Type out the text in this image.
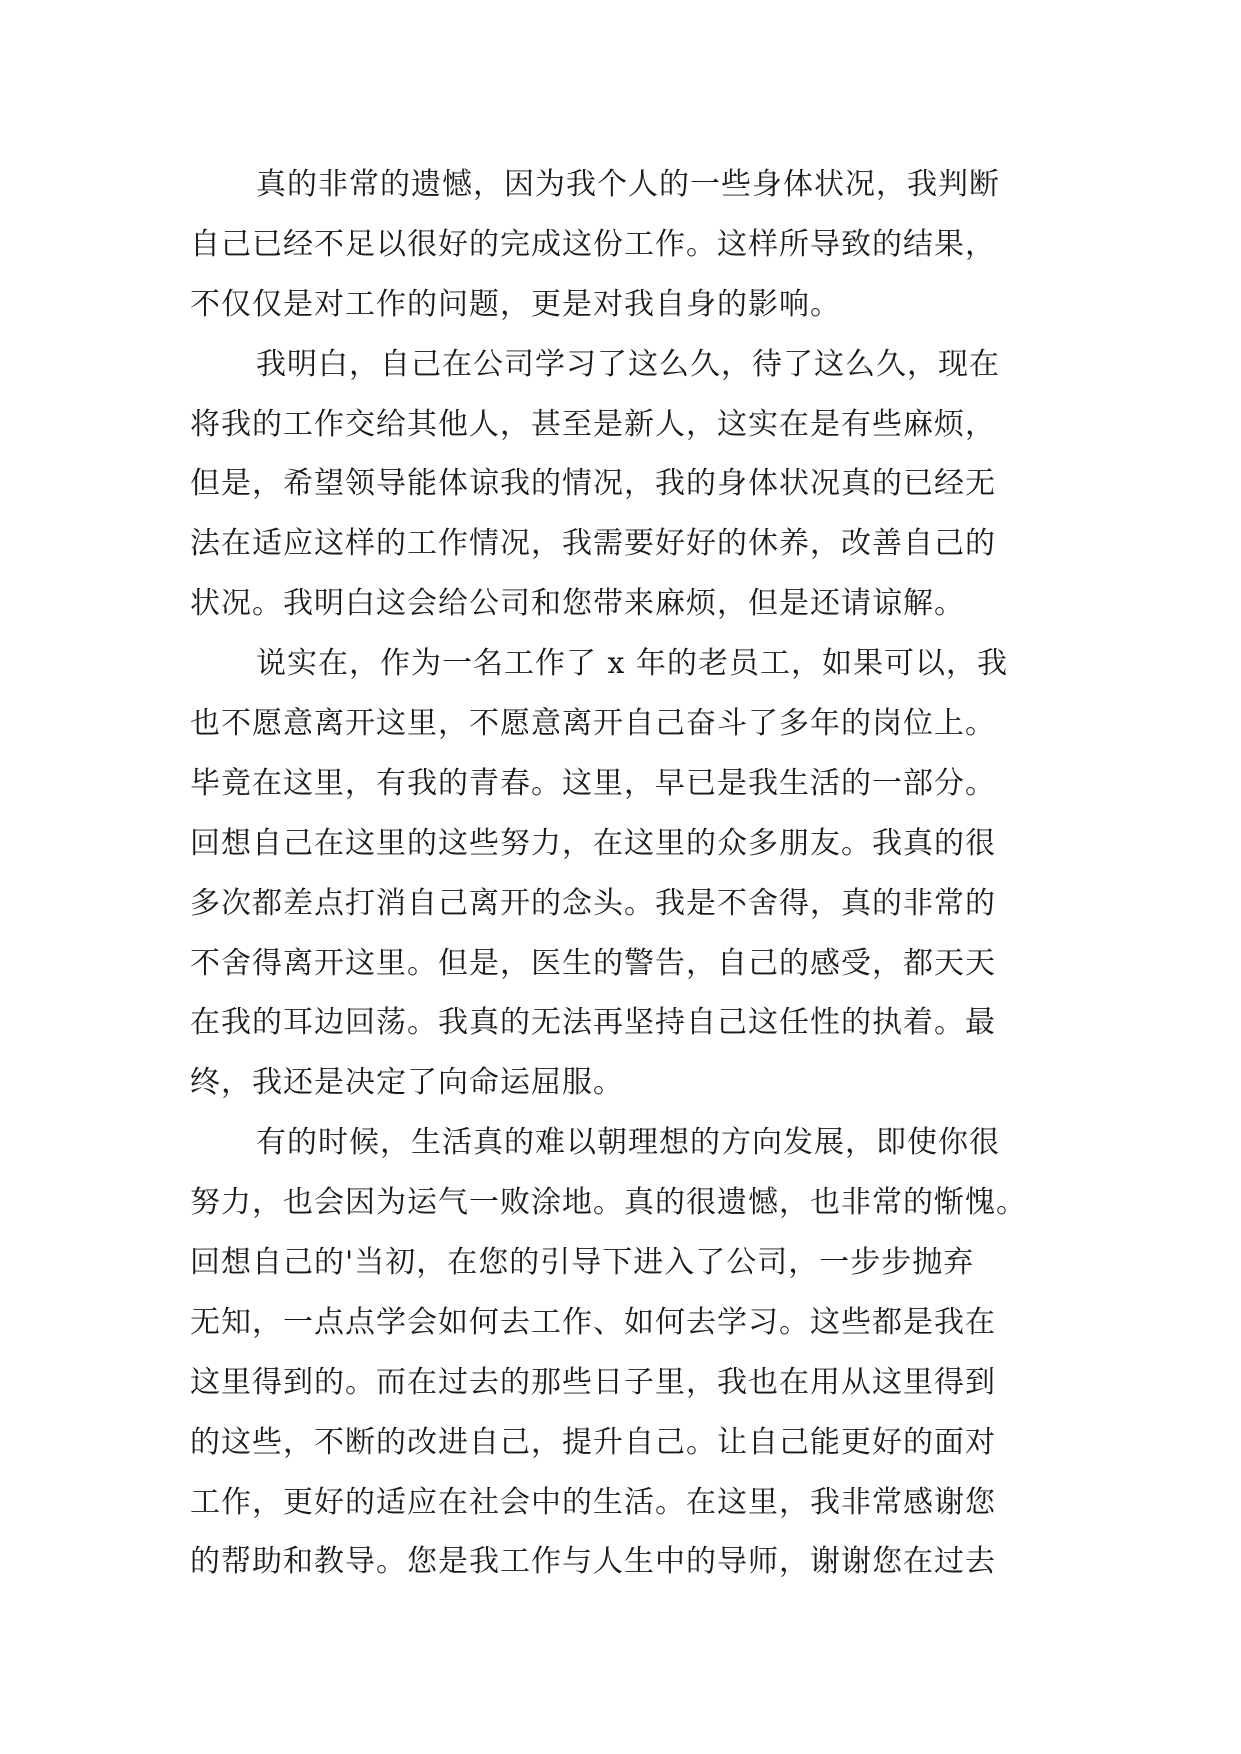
真的非常的遗憾，因为我个人的一些身体状况，我判断
自己已经不足以很好的完成这份工作。这样所导致的结果，
不仅仅是对工作的问题，更是对我自身的影响。
我明白，自己在公司学习了这么久，待了这么久，现在
将我的工作交给其他人，甚至是新人，这实在是有些麻烦，
但是，希望领导能体谅我的情况，我的身体状况真的已经无
法在适应这样的工作情况，我需要好好的休养，改善自己的
状况。我明白这会给公司和您带来麻烦，但是还请谅解。
说实在，作为一名工作了 x 年的老员工，如果可以，我
也不愿意离开这里，不愿意离开自己奋斗了多年的岗位上。
毕竟在这里，有我的青春。这里，早已是我生活的一部分。
回想自己在这里的这些努力，在这里的众多朋友。我真的很
多次都差点打消自己离开的念头。我是不舍得，真的非常的
不舍得离开这里。但是，医生的警告，自己的感受，都天天
在我的耳边回荡。我真的无法再坚持自己这任性的执着。最
终，我还是决定了向命运屈服。
有的时候，生活真的难以朝理想的方向发展，即使你很
努力，也会因为运气一败涂地。真的很遗憾，也非常的惭愧。
回想自己的'当初，在您的引导下进入了公司，一步步抛弃
无知，一点点学会如何去工作、如何去学习。这些都是我在
这里得到的。而在过去的那些日子里，我也在用从这里得到
的这些，不断的改进自己，提升自己。让自己能更好的面对
工作，更好的适应在社会中的生活。在这里，我非常感谢您
的帮助和教导。您是我工作与人生中的导师，谢谢您在过去
